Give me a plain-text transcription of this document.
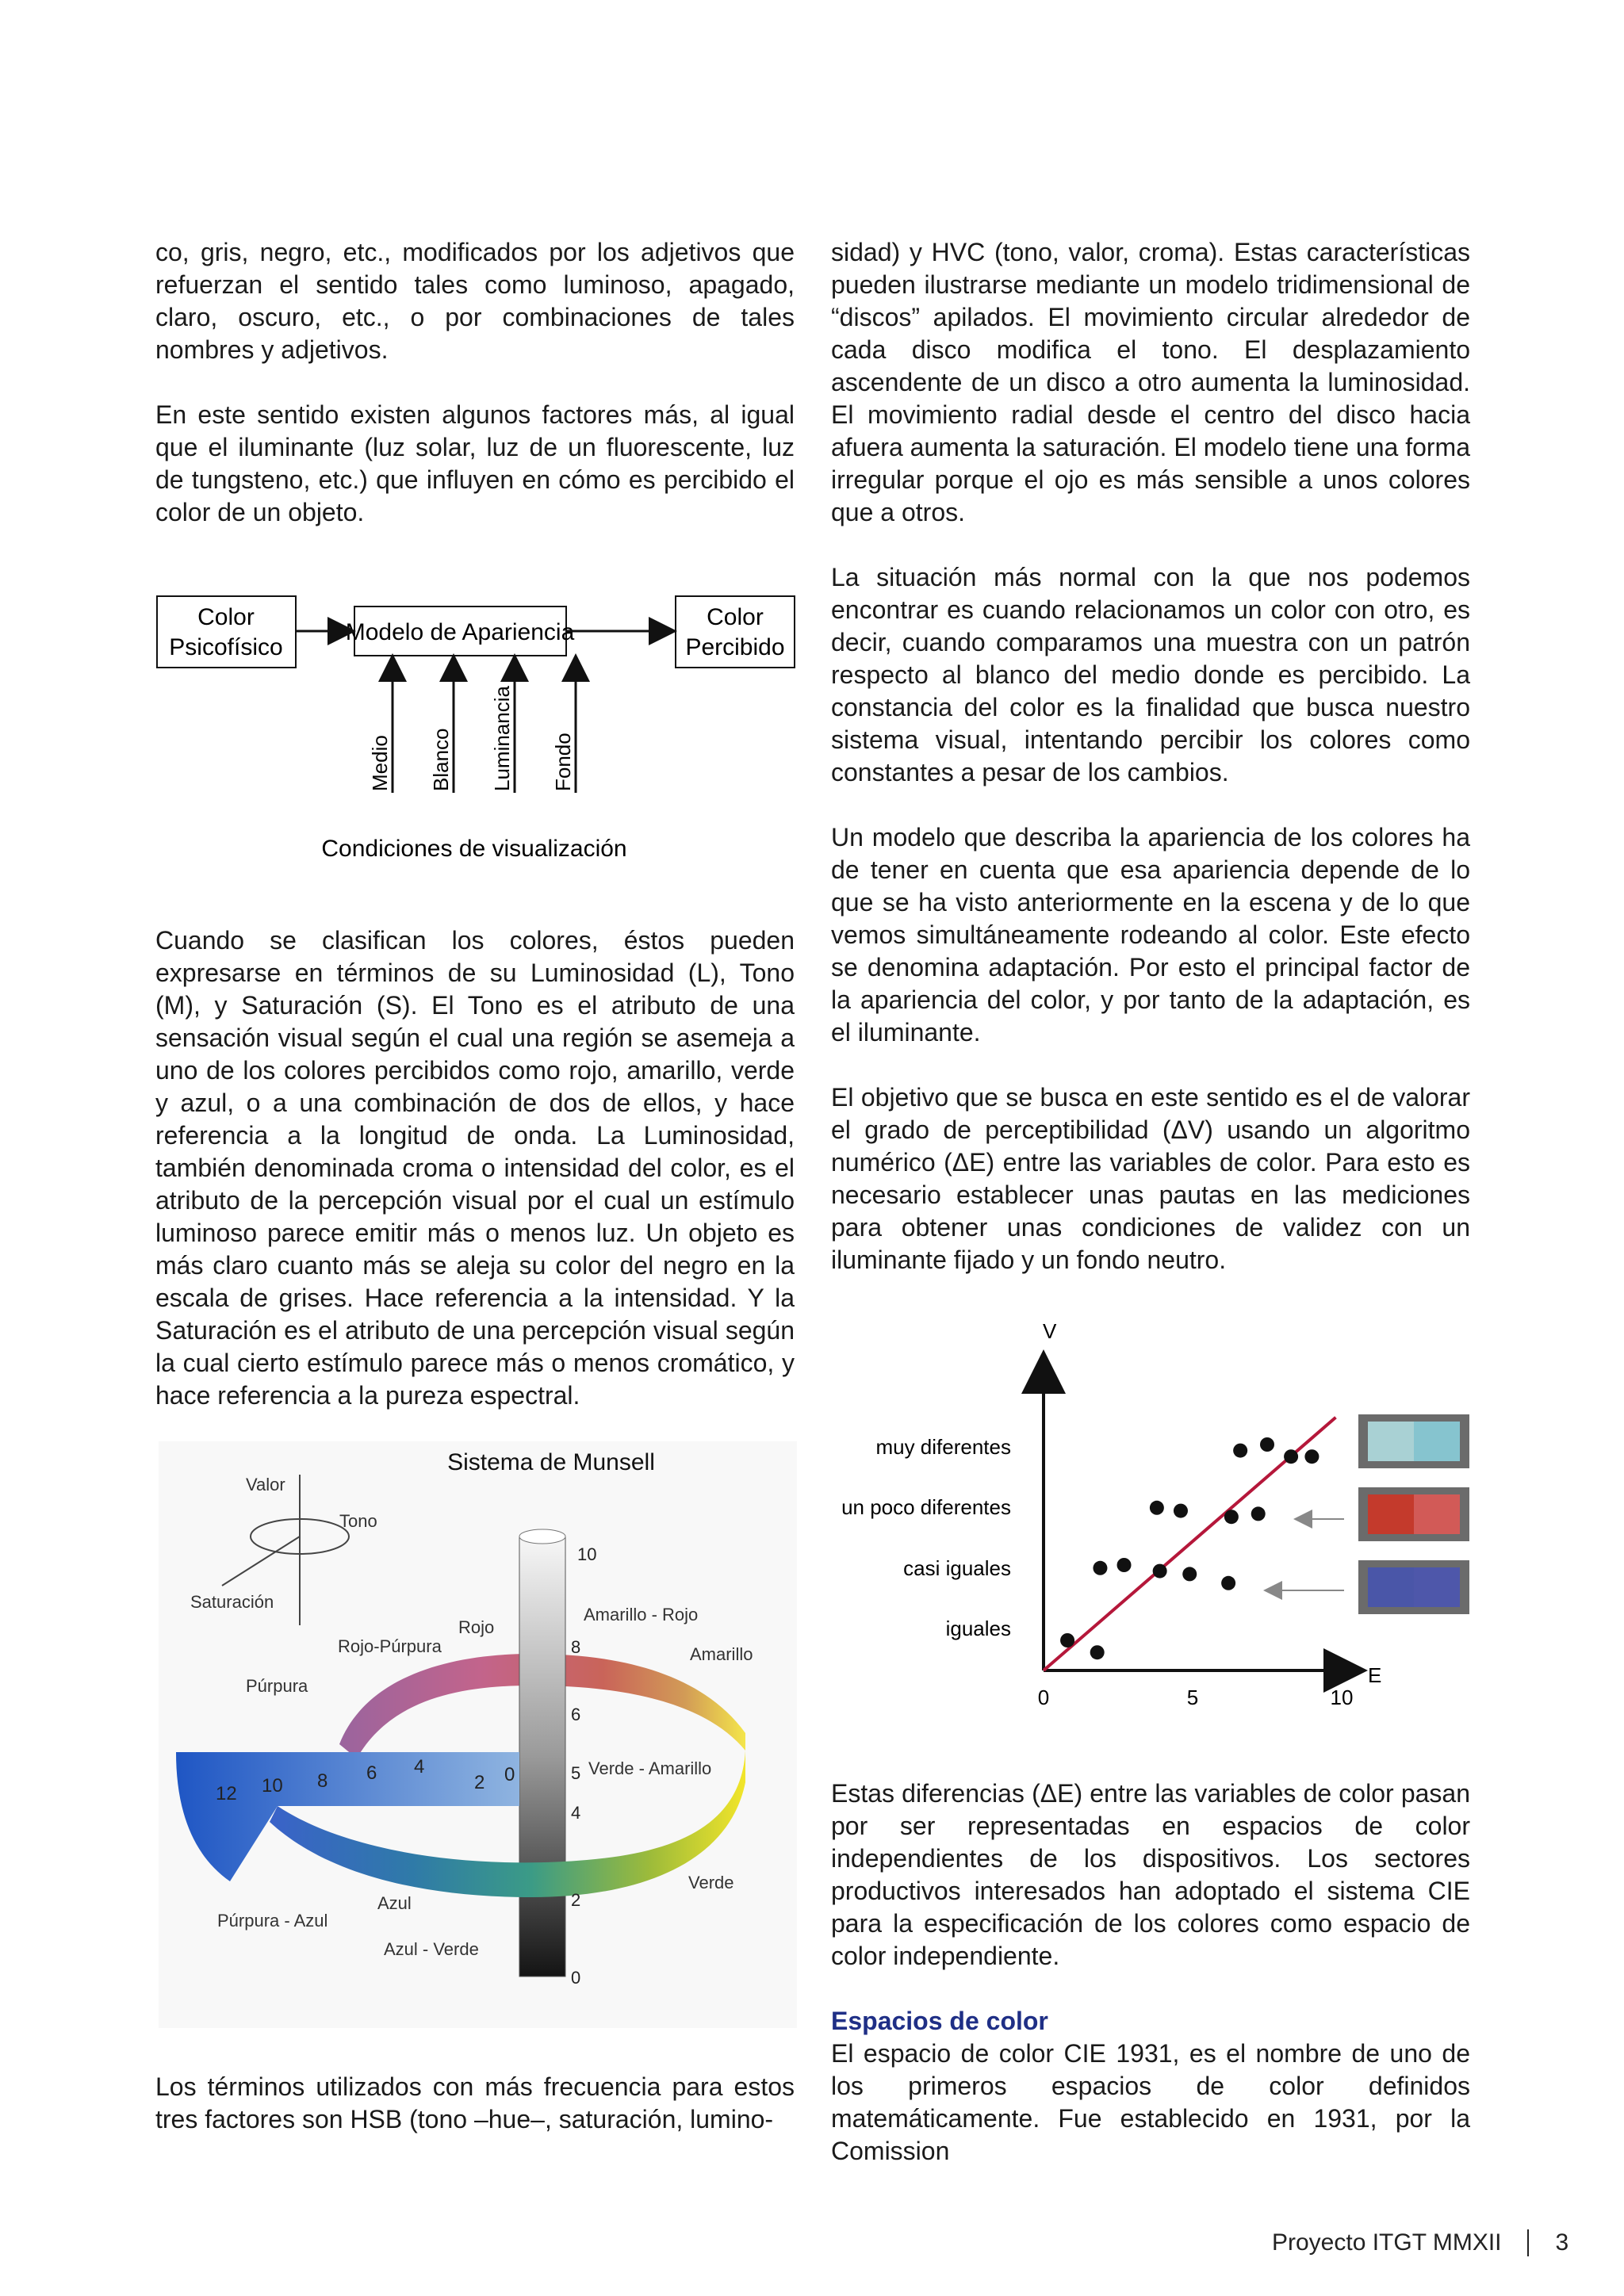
co, gris, negro, etc., modificados por los adjetivos que refuerzan el sentido tales como luminoso, apagado, claro, oscuro, etc., o por combinaciones de tales nombres y adjetivos.

En este sentido existen algunos factores más, al igual que el iluminante (luz solar, luz de un fluorescente, luz de tungsteno, etc.) que influyen en cómo es percibido el color de un objeto.

Cuando se clasifican los colores, éstos pueden expresarse en términos de su Luminosidad (L), Tono (M), y Saturación (S). El Tono es el atributo de una sensación visual según el cual una región se asemeja a uno de los colores percibidos como rojo, amarillo, verde y azul, o a una combinación de dos de ellos, y hace referencia a la longitud de onda. La Luminosidad, también denominada croma o intensidad del color, es el atributo de la percepción visual por el cual un estímulo luminoso parece emitir más o menos luz. Un objeto es más claro cuanto más se aleja su color del negro en la escala de grises. Hace referencia a la intensidad. Y la Saturación es el atributo de una percepción visual según la cual cierto estímulo parece más o menos cromático, y hace referencia a la pureza espectral.

Los términos utilizados con más frecuencia para estos tres factores son HSB (tono –hue–, saturación, lumino-

Color
Psicofísico
Modelo de Apariencia
Color
Percibido
Medio Blanco Luminancia Fondo
Condiciones de visualización
Sistema de Munsell
Valor
Tono
Saturación
10
8
6
5
4
2
0
12 10 8 6 4
2 0
Rojo
Rojo-Púrpura
Púrpura
Amarillo - Rojo
Amarillo
Verde - Amarillo
Verde
Azul - Verde
Azul
Púrpura - Azul

sidad) y HVC (tono, valor, croma). Estas características pueden ilustrarse mediante un modelo tridimensional de “discos” apilados. El movimiento circular alrededor de cada disco modifica el tono. El desplazamiento ascendente de un disco a otro aumenta la luminosidad. El movimiento radial desde el centro del disco hacia afuera aumenta la saturación. El modelo tiene una forma irregular porque el ojo es más sensible a unos colores que a otros.

La situación más normal con la que nos podemos encontrar es cuando relacionamos un color con otro, es decir, cuando comparamos una muestra con un patrón respecto al blanco del medio donde es percibido. La constancia del color es la finalidad que busca nuestro sistema visual, intentando percibir los colores como constantes a pesar de los cambios.

Un modelo que describa la apariencia de los colores ha de tener en cuenta que esa apariencia depende de lo que se ha visto anteriormente en la escena y de lo que vemos simultáneamente rodeando al color. Este efecto se denomina adaptación. Por esto el principal factor de la apariencia del color, y por tanto de la adaptación, es el iluminante.

El objetivo que se busca en este sentido es el de valorar el grado de perceptibilidad (ΔV) usando un algoritmo numérico (ΔE) entre las variables de color. Para esto es necesario establecer unas pautas en las mediciones para obtener unas condiciones de validez con un iluminante fijado y un fondo neutro.

V
E
muy diferentes
un poco diferentes
casi iguales
iguales
0	5	10

Estas diferencias (ΔE) entre las variables de color pasan por ser representadas en espacios de color independientes de los dispositivos. Los sectores productivos interesados han adoptado el sistema CIE para la especificación de los colores como espacio de color independiente.

Espacios de color

El espacio de color CIE 1931, es el nombre de uno de los primeros espacios de color definidos matemáticamente. Fue establecido en 1931, por la Comission

Proyecto ITGT MMXII 3
